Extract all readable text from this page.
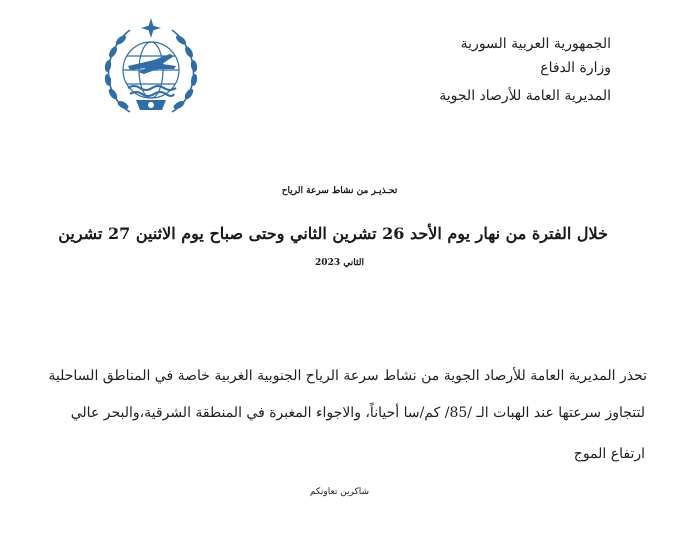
الجمهورية العربية السورية
وزارة الدفاع
المديرية العامة للأرصاد الجوية
تحـذيـر من نشاط سرعة الرياح
خلال الفترة من نهار يوم الأحد 26 تشرين الثاني وحتى صباح يوم الاثنين 27 تشرين
الثاني 2023
تحذر المديرية العامة للأرصاد الجوية من نشاط سرعة الرياح الجنوبية الغربية خاصة في المناطق الساحلية
لتتجاوز سرعتها عند الهبات الـ /85/ كم/سا أحياناً، والاجواء المغبرة في المنطقة الشرقية،والبحر عالي
ارتفاع الموج
شاكرين تعاونكم
